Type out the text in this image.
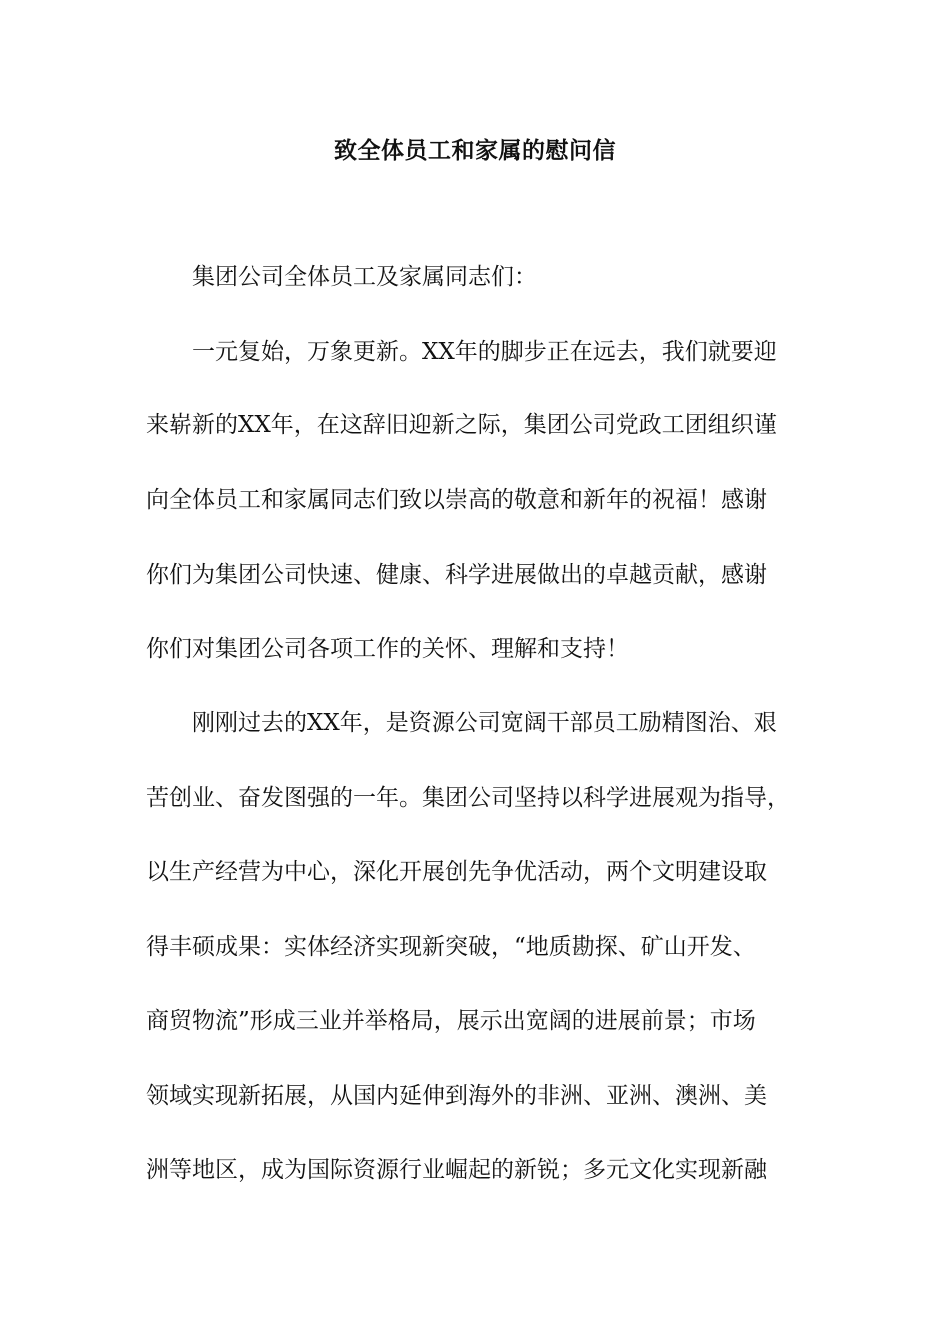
致全体员工和家属的慰问信

集团公司全体员工及家属同志们：

一元复始，万象更新。XX年的脚步正在远去，我们就要迎

来崭新的XX年，在这辞旧迎新之际，集团公司党政工团组织谨

向全体员工和家属同志们致以崇高的敬意和新年的祝福！感谢

你们为集团公司快速、健康、科学进展做出的卓越贡献，感谢

你们对集团公司各项工作的关怀、理解和支持！

刚刚过去的XX年，是资源公司宽阔干部员工励精图治、艰

苦创业、奋发图强的一年。集团公司坚持以科学进展观为指导，

以生产经营为中心，深化开展创先争优活动，两个文明建设取

得丰硕成果：实体经济实现新突破，“地质勘探、矿山开发、

商贸物流”形成三业并举格局，展示出宽阔的进展前景；市场

领域实现新拓展，从国内延伸到海外的非洲、亚洲、澳洲、美

洲等地区，成为国际资源行业崛起的新锐；多元文化实现新融
